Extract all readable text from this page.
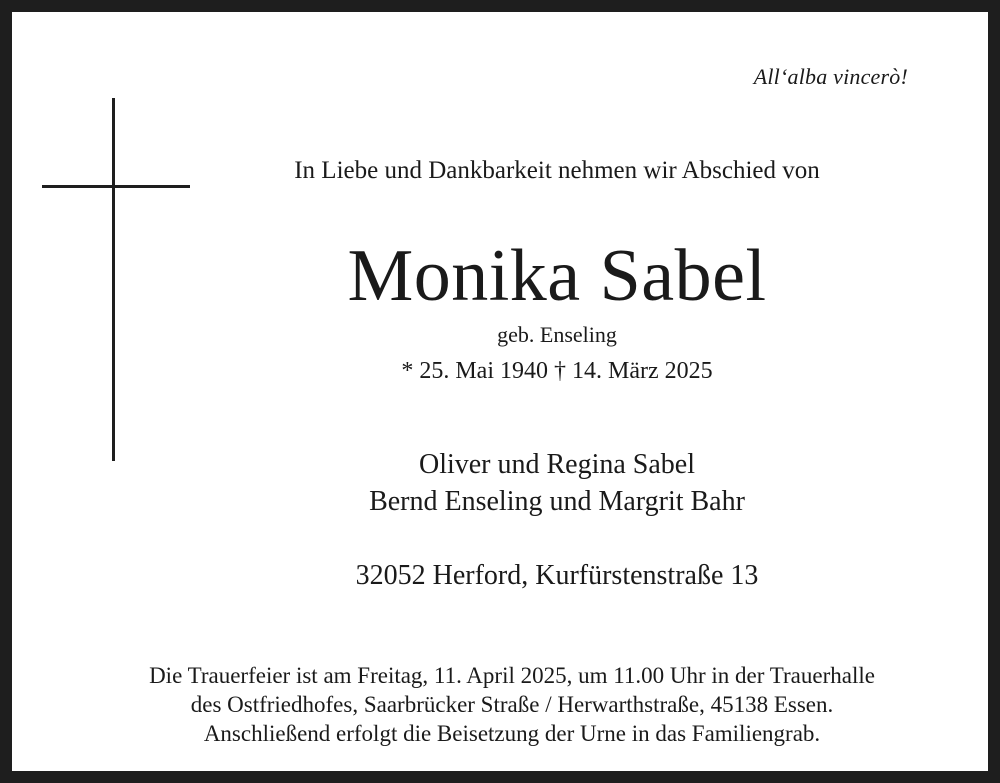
All‘alba vincerò!
In Liebe und Dankbarkeit nehmen wir Abschied von
Monika Sabel
geb. Enseling
* 25. Mai 1940 † 14. März 2025
Oliver und Regina Sabel
Bernd Enseling und Margrit Bahr
32052 Herford, Kurfürstenstraße 13
Die Trauerfeier ist am Freitag, 11. April 2025, um 11.00 Uhr in der Trauerhalle
des Ostfriedhofes, Saarbrücker Straße / Herwarthstraße, 45138 Essen.
Anschließend erfolgt die Beisetzung der Urne in das Familiengrab.
